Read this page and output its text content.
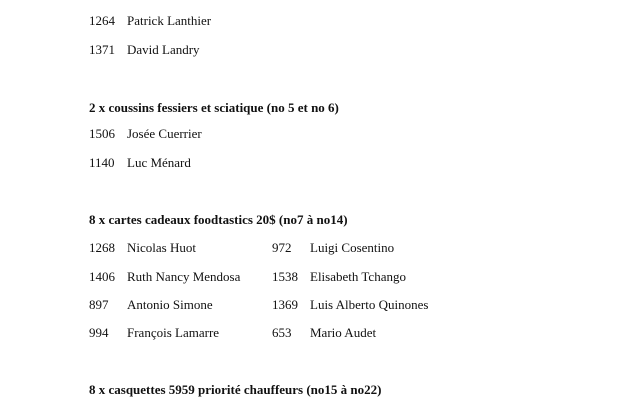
1264 Patrick Lanthier
1371 David Landry
2 x coussins fessiers et sciatique (no 5 et no 6)
1506 Josée Cuerrier
1140 Luc Ménard
8 x cartes cadeaux foodtastics 20$ (no7 à no14)
1268 Nicolas Huot
1406 Ruth Nancy Mendosa
897 Antonio Simone
994 François Lamarre
972 Luigi Cosentino
1538 Elisabeth Tchango
1369 Luis Alberto Quinones
653 Mario Audet
8 x casquettes 5959 priorité chauffeurs (no15 à no22)
